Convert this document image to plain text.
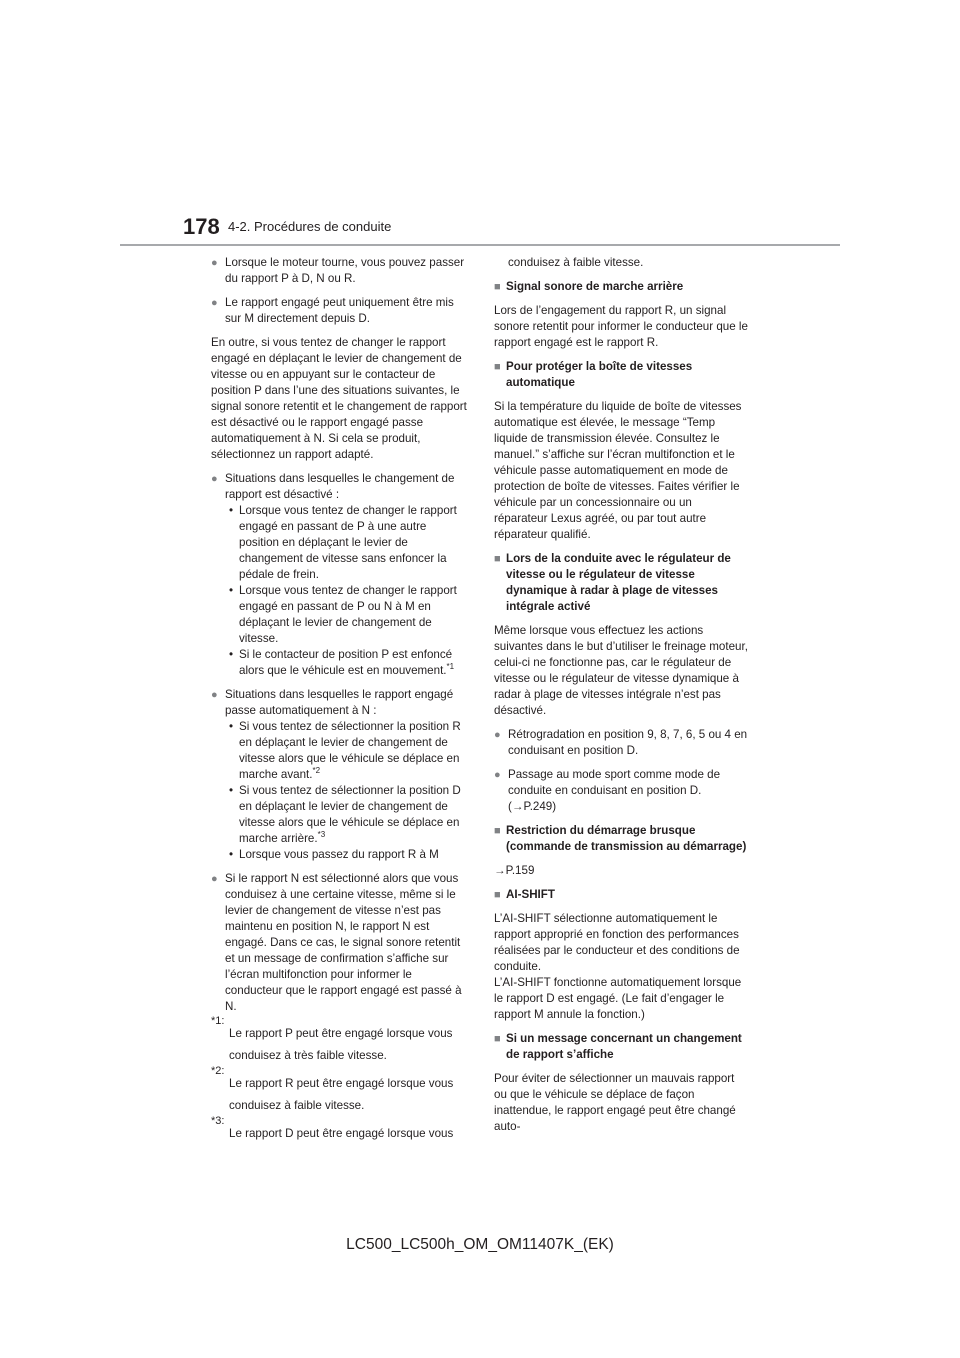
178 4-2. Procédures de conduite
● Lorsque le moteur tourne, vous pouvez passer du rapport P à D, N ou R.
● Le rapport engagé peut uniquement être mis sur M directement depuis D.

En outre, si vous tentez de changer le rapport engagé en déplaçant le levier de changement de vitesse ou en appuyant sur le contacteur de position P dans l’une des situations suivantes, le signal sonore retentit et le changement de rapport est désactivé ou le rapport engagé passe automatiquement à N. Si cela se produit, sélectionnez un rapport adapté.

● Situations dans lesquelles le changement de rapport est désactivé :
• Lorsque vous tentez de changer le rapport engagé en passant de P à une autre position en déplaçant le levier de changement de vitesse sans enfoncer la pédale de frein.
• Lorsque vous tentez de changer le rapport engagé en passant de P ou N à M en déplaçant le levier de changement de vitesse.
• Si le contacteur de position P est enfoncé alors que le véhicule est en mouvement.$^{*1}$
● Situations dans lesquelles le rapport engagé passe automatiquement à N :
• Si vous tentez de sélectionner la position R en déplaçant le levier de changement de vitesse alors que le véhicule se déplace en marche avant.$^{*2}$
• Si vous tentez de sélectionner la position D en déplaçant le levier de changement de vitesse alors que le véhicule se déplace en marche arrière.$^{*3}$
• Lorsque vous passez du rapport R à M
● Si le rapport N est sélectionné alors que vous conduisez à une certaine vitesse, même si le levier de changement de vitesse n’est pas maintenu en position N, le rapport N est engagé. Dans ce cas, le signal sonore retentit et un message de confirmation s’affiche sur l’écran multifonction pour informer le conducteur que le rapport engagé est passé à N.
*1:
Le rapport P peut être engagé lorsque vous conduisez à très faible vitesse.
*2:
Le rapport R peut être engagé lorsque vous conduisez à faible vitesse.
*3:
Le rapport D peut être engagé lorsque vous
conduisez à faible vitesse.
■ Signal sonore de marche arrière

Lors de l’engagement du rapport R, un signal sonore retentit pour informer le conducteur que le rapport engagé est le rapport R.

■ Pour protéger la boîte de vitesses automatique

Si la température du liquide de boîte de vitesses automatique est élevée, le message “Temp liquide de transmission élevée. Consultez le manuel.” s’affiche sur l’écran multifonction et le véhicule passe automatiquement en mode de protection de boîte de vitesses. Faites vérifier le véhicule par un concessionnaire ou un réparateur Lexus agréé, ou par tout autre réparateur qualifié.

■ Lors de la conduite avec le régulateur de vitesse ou le régulateur de vitesse dynamique à radar à plage de vitesses intégrale activé

Même lorsque vous effectuez les actions suivantes dans le but d’utiliser le freinage moteur, celui-ci ne fonctionne pas, car le régulateur de vitesse ou le régulateur de vitesse dynamique à radar à plage de vitesses intégrale n’est pas désactivé.

● Rétrogradation en position 9, 8, 7, 6, 5 ou 4 en conduisant en position D.
● Passage au mode sport comme mode de conduite en conduisant en position D.
(→P.249)
■ Restriction du démarrage brusque (commande de transmission au démarrage)

→P.159

■ AI-SHIFT

L’AI-SHIFT sélectionne automatiquement le rapport approprié en fonction des performances réalisées par le conducteur et des conditions de conduite.

L’AI-SHIFT fonctionne automatiquement lorsque le rapport D est engagé. (Le fait d’engager le rapport M annule la fonction.)

■ Si un message concernant un changement de rapport s’affiche

Pour éviter de sélectionner un mauvais rapport ou que le véhicule se déplace de façon inattendue, le rapport engagé peut être changé auto-

LC500_LC500h_OM_OM11407K_(EK)
